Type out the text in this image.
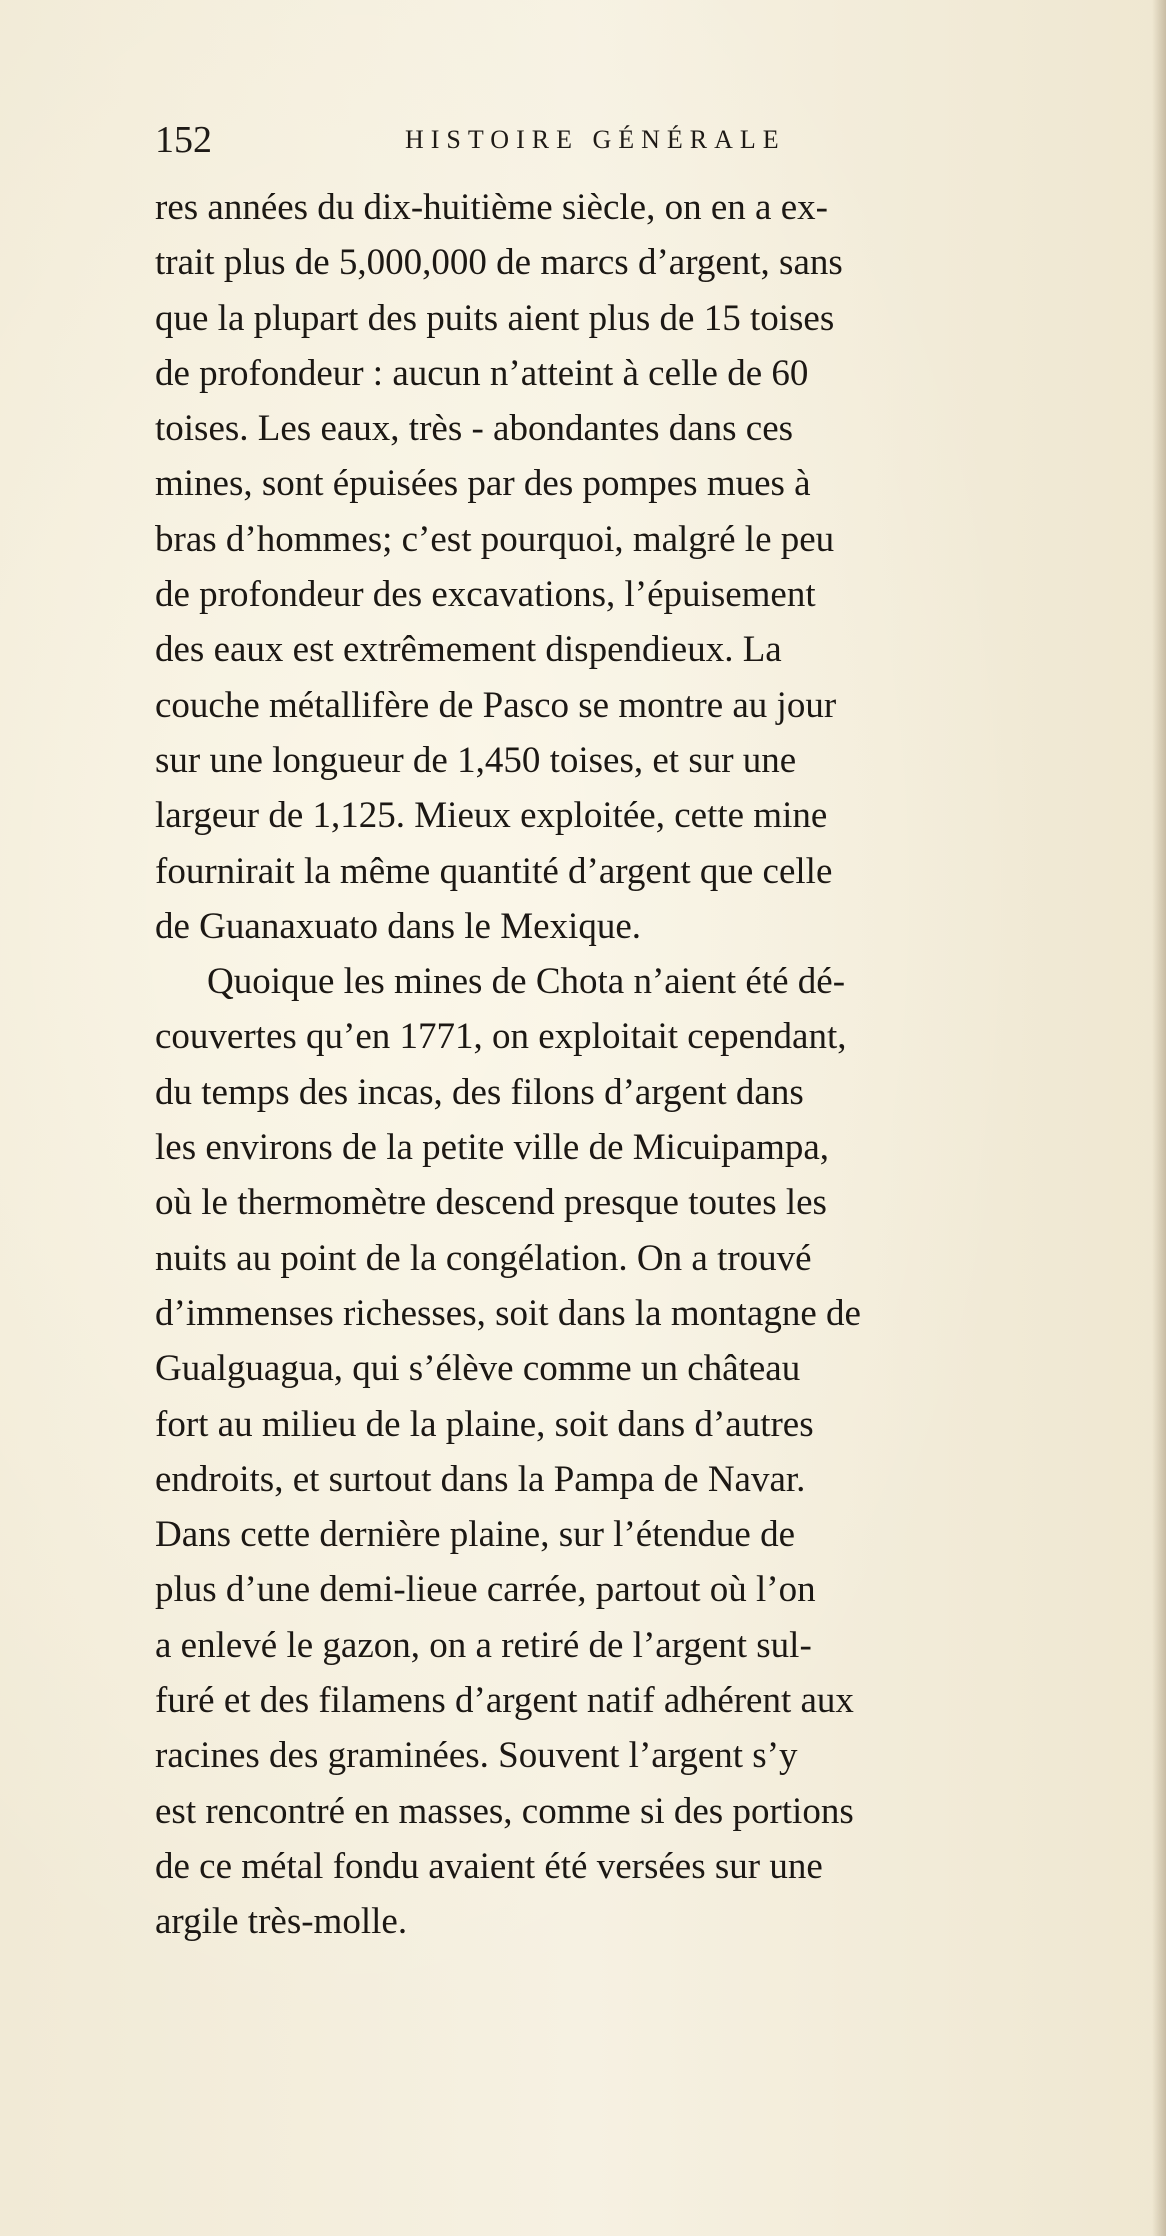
152	HISTOIRE GÉNÉRALE
res années du dix-huitième siècle, on en a ex-
trait plus de 5,000,000 de marcs d’argent, sans
que la plupart des puits aient plus de 15 toises
de profondeur : aucun n’atteint à celle de 60
toises. Les eaux, très - abondantes dans ces
mines, sont épuisées par des pompes mues à
bras d’hommes; c’est pourquoi, malgré le peu
de profondeur des excavations, l’épuisement
des eaux est extrêmement dispendieux. La
couche métallifère de Pasco se montre au jour
sur une longueur de 1,450 toises, et sur une
largeur de 1,125. Mieux exploitée, cette mine
fournirait la même quantité d’argent que celle
de Guanaxuato dans le Mexique.
Quoique les mines de Chota n’aient été dé-
couvertes qu’en 1771, on exploitait cependant,
du temps des incas, des filons d’argent dans
les environs de la petite ville de Micuipampa,
où le thermomètre descend presque toutes les
nuits au point de la congélation. On a trouvé
d’immenses richesses, soit dans la montagne de
Gualguagua, qui s’élève comme un château
fort au milieu de la plaine, soit dans d’autres
endroits, et surtout dans la Pampa de Navar.
Dans cette dernière plaine, sur l’étendue de
plus d’une demi-lieue carrée, partout où l’on
a enlevé le gazon, on a retiré de l’argent sul-
furé et des filamens d’argent natif adhérent aux
racines des graminées. Souvent l’argent s’y
est rencontré en masses, comme si des portions
de ce métal fondu avaient été versées sur une
argile très-molle.
